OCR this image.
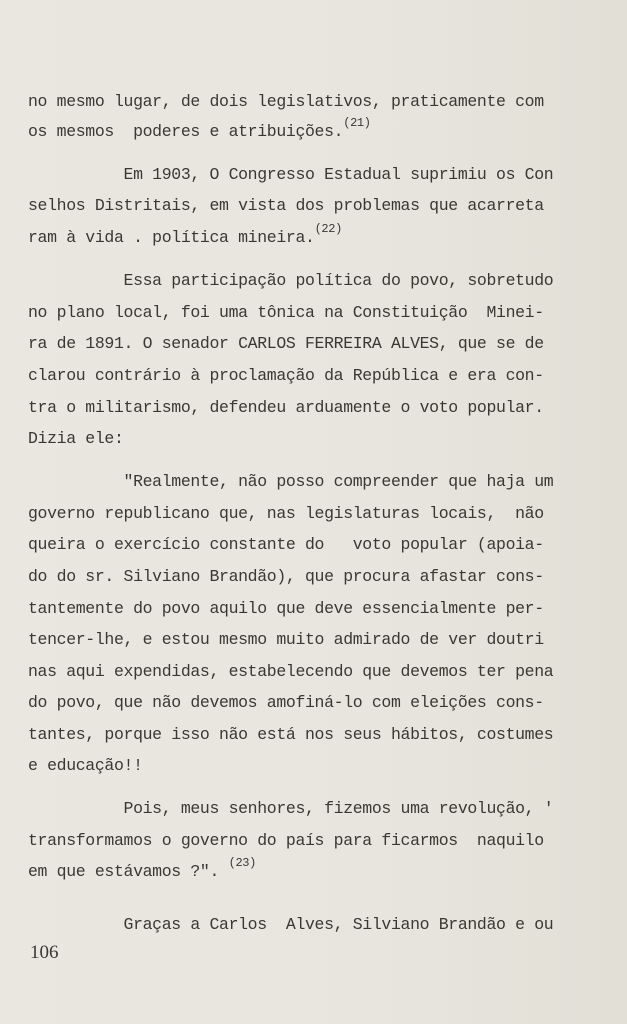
no mesmo lugar, de dois legislativos, praticamente com
os mesmos  poderes e atribuições.$^{(21)}$
Em 1903, O Congresso Estadual suprimiu os Con
selhos Distritais, em vista dos problemas que acarreta
ram à vida . política mineira.$^{(22)}$
Essa participação política do povo, sobretudo
no plano local, foi uma tônica na Constituição  Minei-
ra de 1891. O senador CARLOS FERREIRA ALVES, que se de
clarou contrário à proclamação da República e era con-
tra o militarismo, defendeu arduamente o voto popular.
Dizia ele:
"Realmente, não posso compreender que haja um
governo republicano que, nas legislaturas locais,  não
queira o exercício constante do   voto popular (apoia-
do do sr. Silviano Brandão), que procura afastar cons-
tantemente do povo aquilo que deve essencialmente per-
tencer-lhe, e estou mesmo muito admirado de ver doutri
nas aqui expendidas, estabelecendo que devemos ter pena
do povo, que não devemos amofiná-lo com eleições cons-
tantes, porque isso não está nos seus hábitos, costumes
e educação!!
Pois, meus senhores, fizemos uma revolução, '
transformamos o governo do país para ficarmos  naquilo
em que estávamos ?". $^{(23)}$
Graças a Carlos  Alves, Silviano Brandão e ou
106
